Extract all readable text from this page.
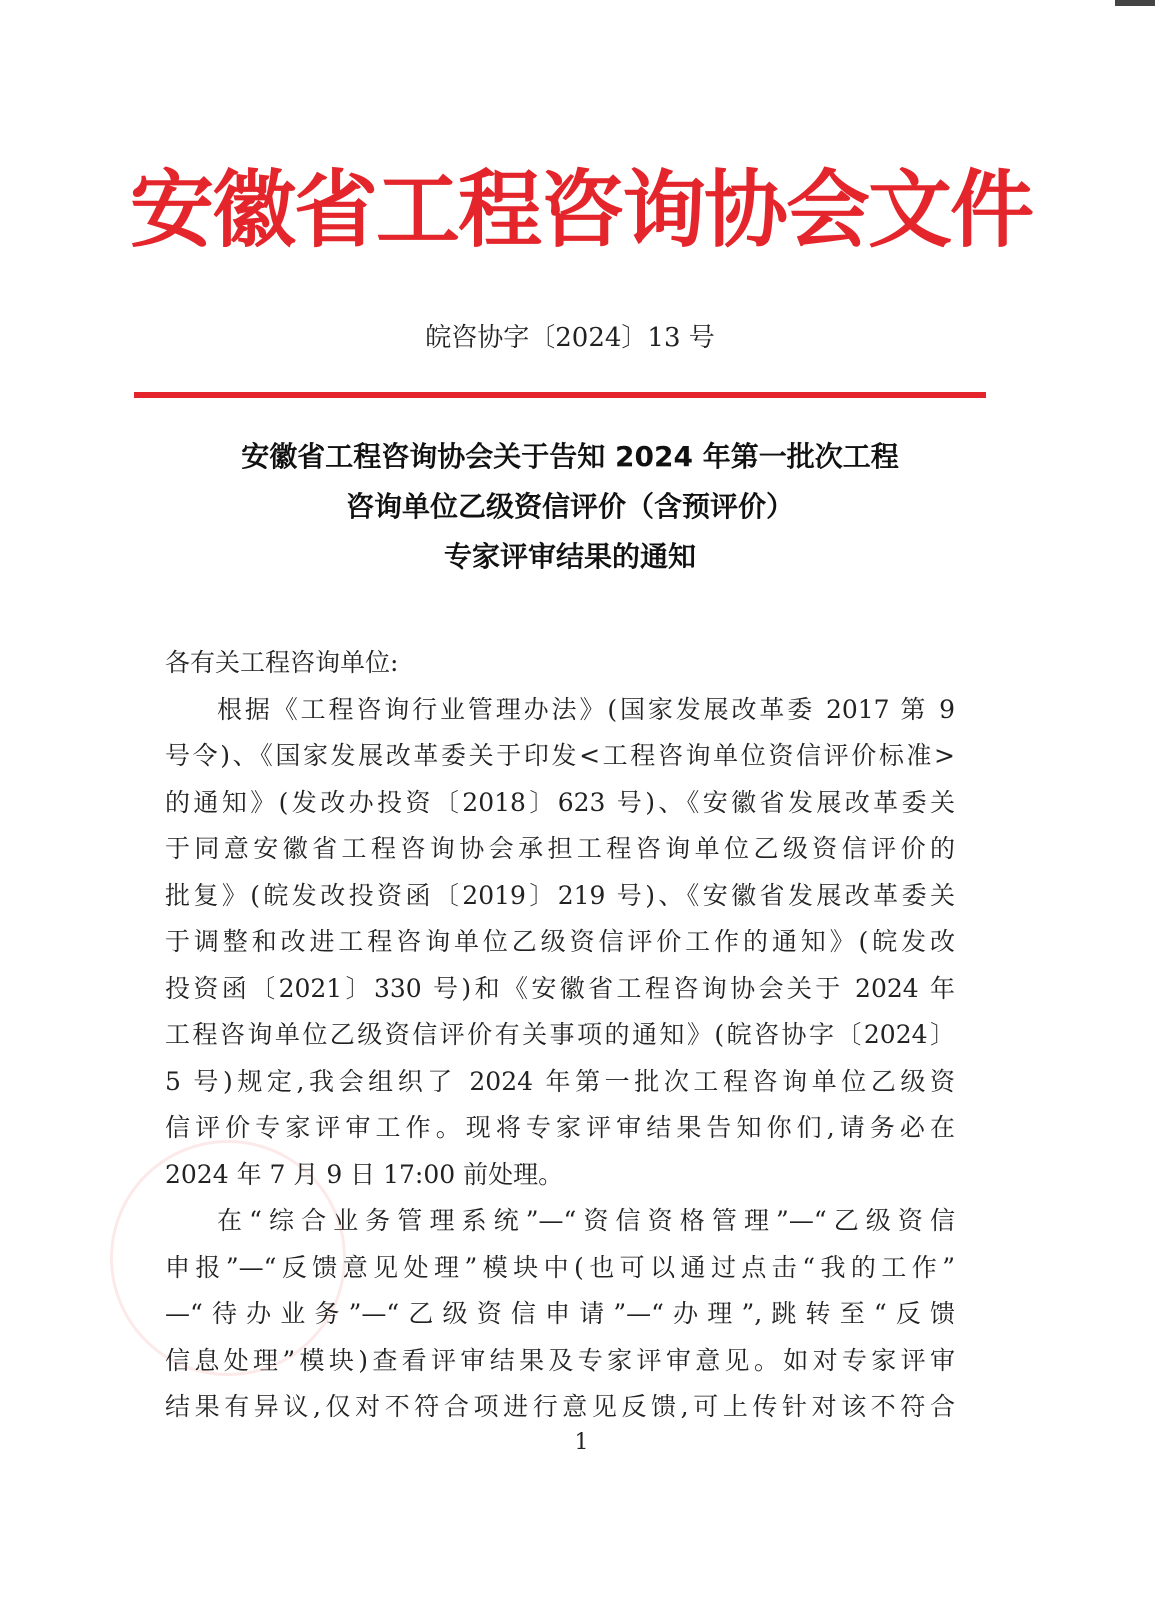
安徽省工程咨询协会文件
皖咨协字〔2024〕13 号
安徽省工程咨询协会关于告知 2024 年第一批次工程
咨询单位乙级资信评价（含预评价）
专家评审结果的通知
各有关工程咨询单位:
根据《工程咨询行业管理办法》(国家发展改革委 2017 第 9
号令)、《国家发展改革委关于印发<工程咨询单位资信评价标准>
的通知》(发改办投资〔2018〕623 号)、《安徽省发展改革委关
于同意安徽省工程咨询协会承担工程咨询单位乙级资信评价的
批复》(皖发改投资函〔2019〕219 号)、《安徽省发展改革委关
于调整和改进工程咨询单位乙级资信评价工作的通知》(皖发改
投资函〔2021〕330 号)和《安徽省工程咨询协会关于 2024 年
工程咨询单位乙级资信评价有关事项的通知》(皖咨协字〔2024〕
5 号)规定,我会组织了 2024 年第一批次工程咨询单位乙级资
信评价专家评审工作。现将专家评审结果告知你们,请务必在
2024 年 7 月 9 日 17:00 前处理。
在“综合业务管理系统”—“资信资格管理”—“乙级资信
申报”—“反馈意见处理”模块中(也可以通过点击“我的工作”
—“待办业务”—“乙级资信申请”—“办理”,跳转至“反馈
信息处理”模块)查看评审结果及专家评审意见。如对专家评审
结果有异议,仅对不符合项进行意见反馈,可上传针对该不符合
1
